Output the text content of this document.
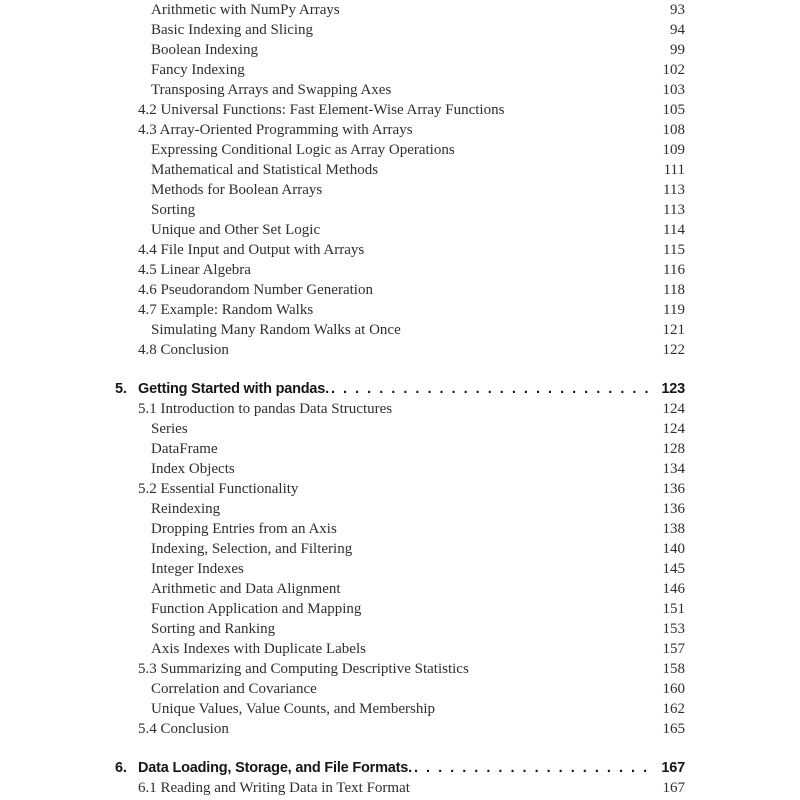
Arithmetic with NumPy Arrays	93
Basic Indexing and Slicing	94
Boolean Indexing	99
Fancy Indexing	102
Transposing Arrays and Swapping Axes	103
4.2 Universal Functions: Fast Element-Wise Array Functions	105
4.3 Array-Oriented Programming with Arrays	108
Expressing Conditional Logic as Array Operations	109
Mathematical and Statistical Methods	111
Methods for Boolean Arrays	113
Sorting	113
Unique and Other Set Logic	114
4.4 File Input and Output with Arrays	115
4.5 Linear Algebra	116
4.6 Pseudorandom Number Generation	118
4.7 Example: Random Walks	119
Simulating Many Random Walks at Once	121
4.8 Conclusion	122
5. Getting Started with pandas. . . .	123
5.1 Introduction to pandas Data Structures	124
Series	124
DataFrame	128
Index Objects	134
5.2 Essential Functionality	136
Reindexing	136
Dropping Entries from an Axis	138
Indexing, Selection, and Filtering	140
Integer Indexes	145
Arithmetic and Data Alignment	146
Function Application and Mapping	151
Sorting and Ranking	153
Axis Indexes with Duplicate Labels	157
5.3 Summarizing and Computing Descriptive Statistics	158
Correlation and Covariance	160
Unique Values, Value Counts, and Membership	162
5.4 Conclusion	165
6. Data Loading, Storage, and File Formats. . . .	167
6.1 Reading and Writing Data in Text Format	167
